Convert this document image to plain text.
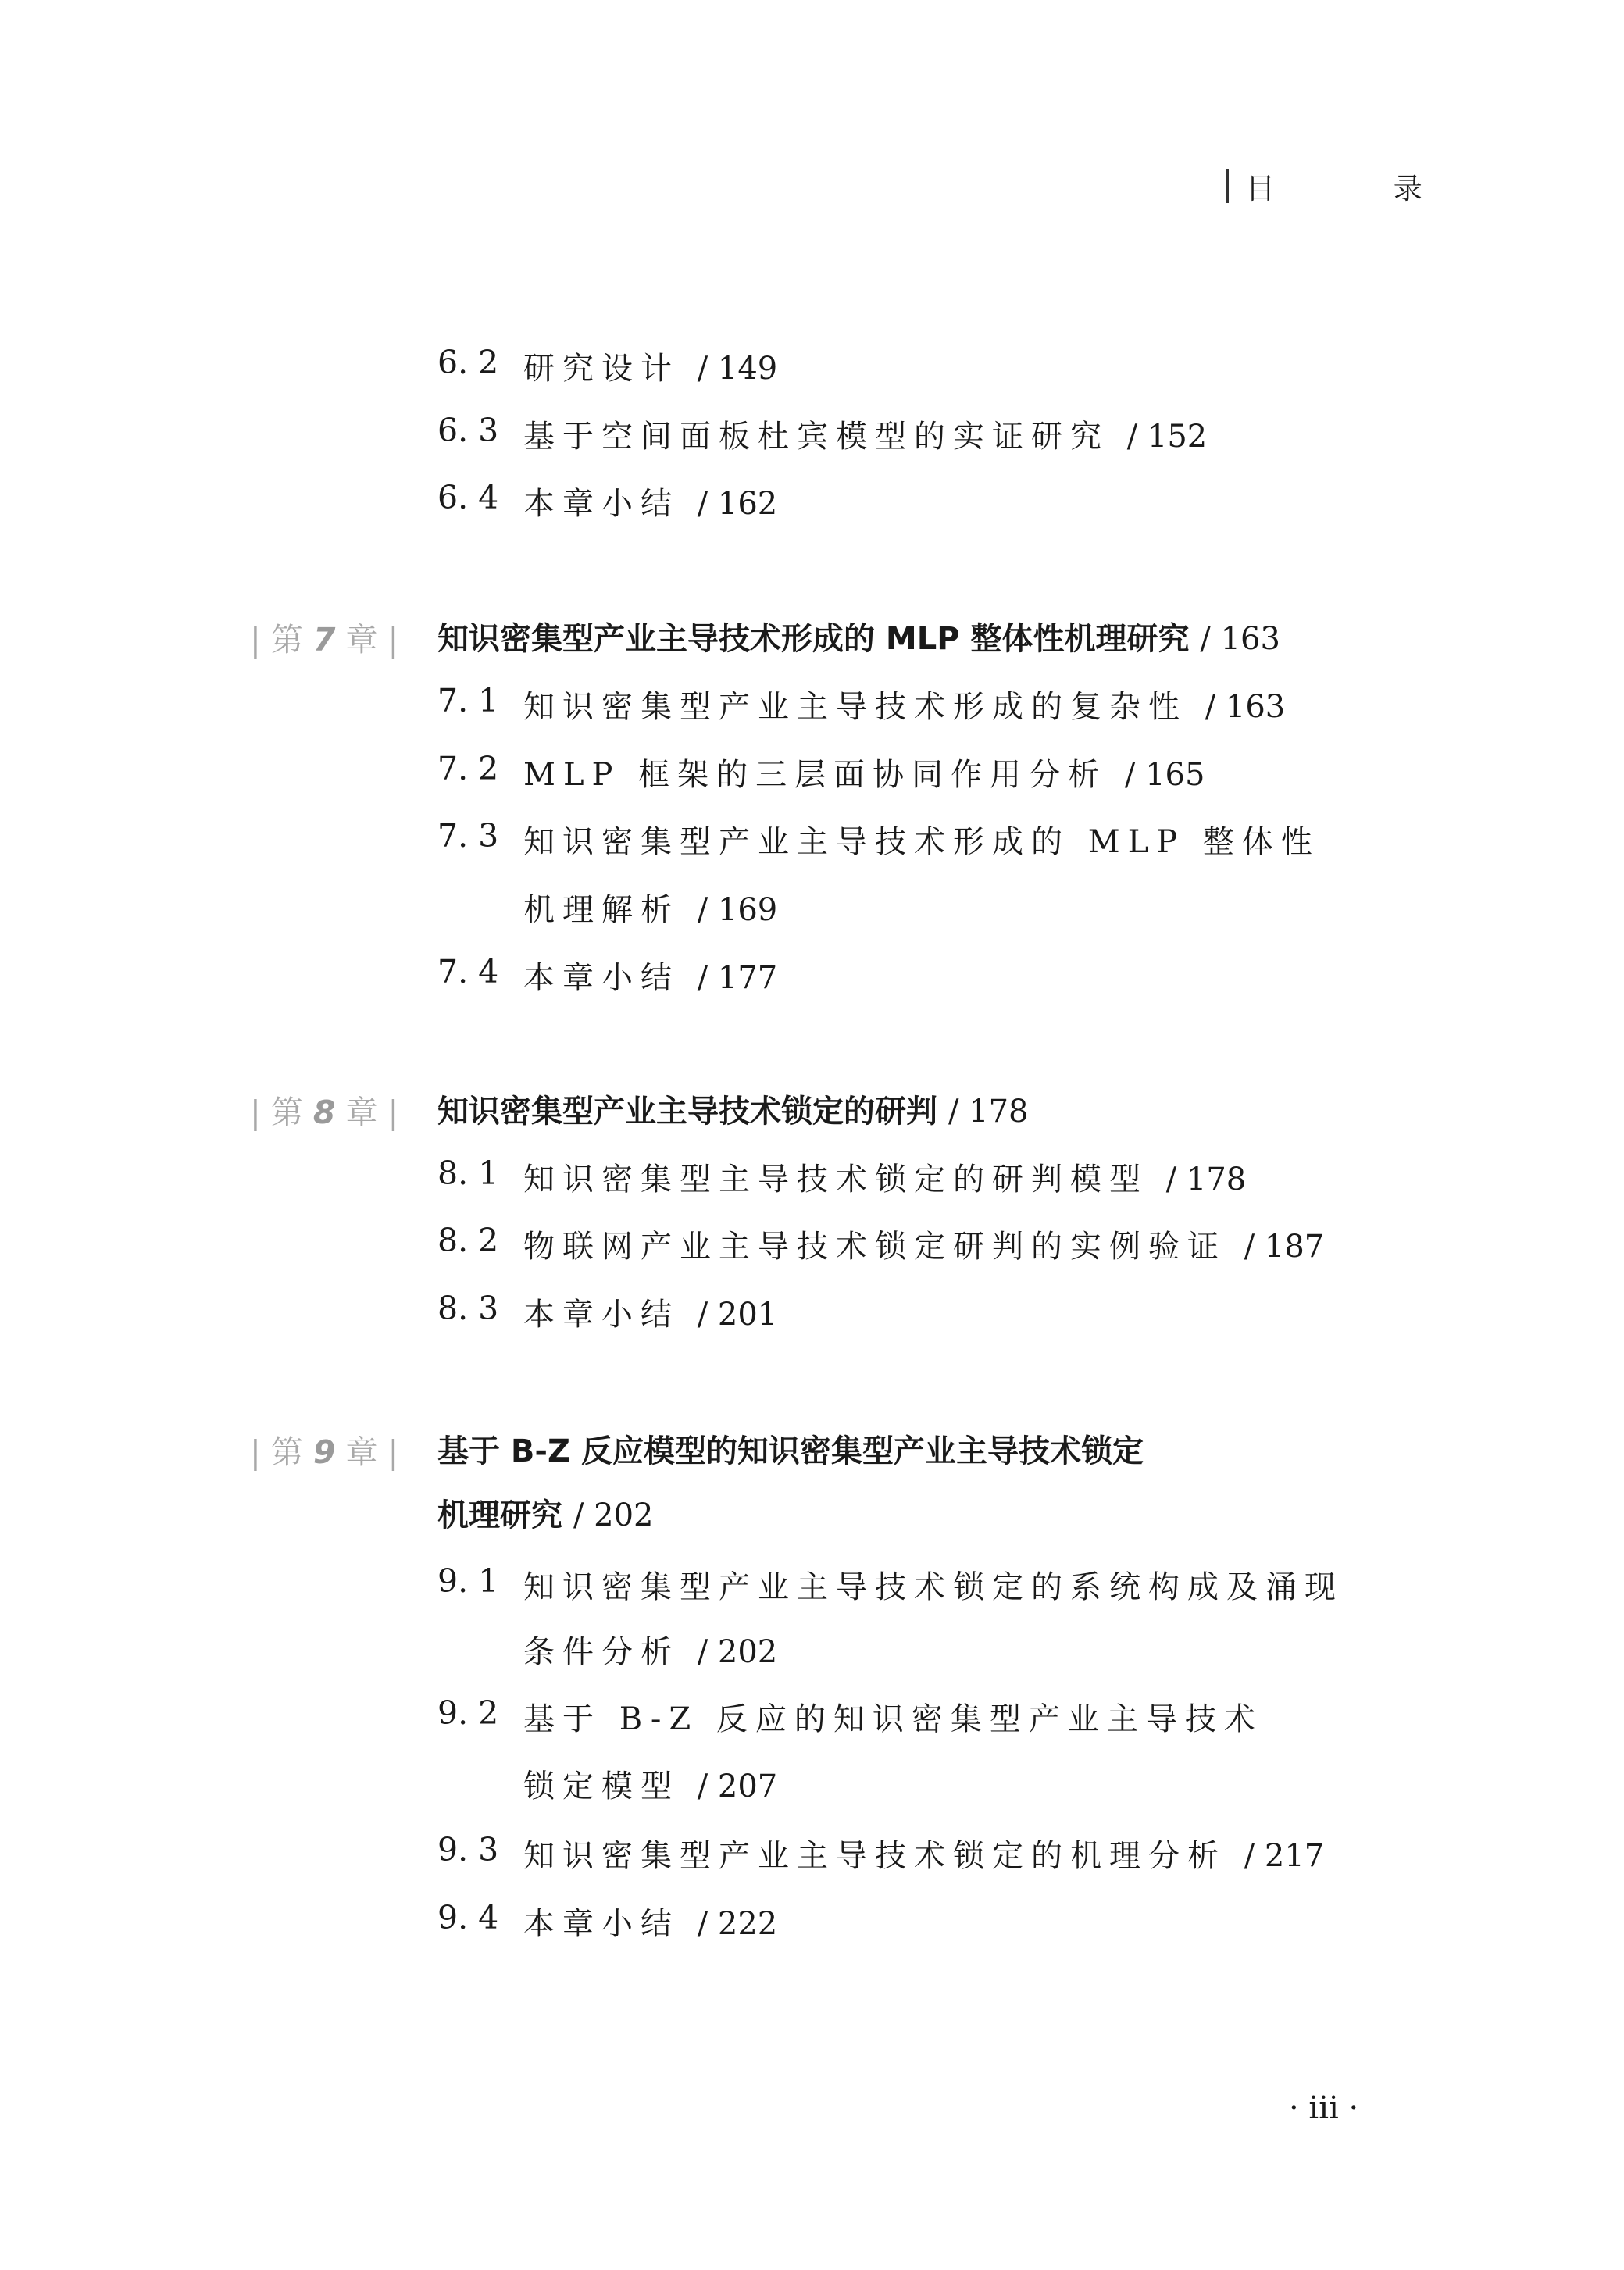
目 录
6. 2 研究设计 / 149
6. 3 基于空间面板杜宾模型的实证研究 / 152
6. 4 本章小结 / 162
| 第 7 章 | 知识密集型产业主导技术形成的 MLP 整体性机理研究 / 163
7. 1 知识密集型产业主导技术形成的复杂性 / 163
7. 2 MLP 框架的三层面协同作用分析 / 165
7. 3 知识密集型产业主导技术形成的 MLP 整体性
机理解析 / 169
7. 4 本章小结 / 177
| 第 8 章 | 知识密集型产业主导技术锁定的研判 / 178
8. 1 知识密集型主导技术锁定的研判模型 / 178
8. 2 物联网产业主导技术锁定研判的实例验证 / 187
8. 3 本章小结 / 201
| 第 9 章 | 基于 B-Z 反应模型的知识密集型产业主导技术锁定
机理研究 / 202
9. 1 知识密集型产业主导技术锁定的系统构成及涌现
条件分析 / 202
9. 2 基于 B-Z 反应的知识密集型产业主导技术
锁定模型 / 207
9. 3 知识密集型产业主导技术锁定的机理分析 / 217
9. 4 本章小结 / 222
· iii ·
